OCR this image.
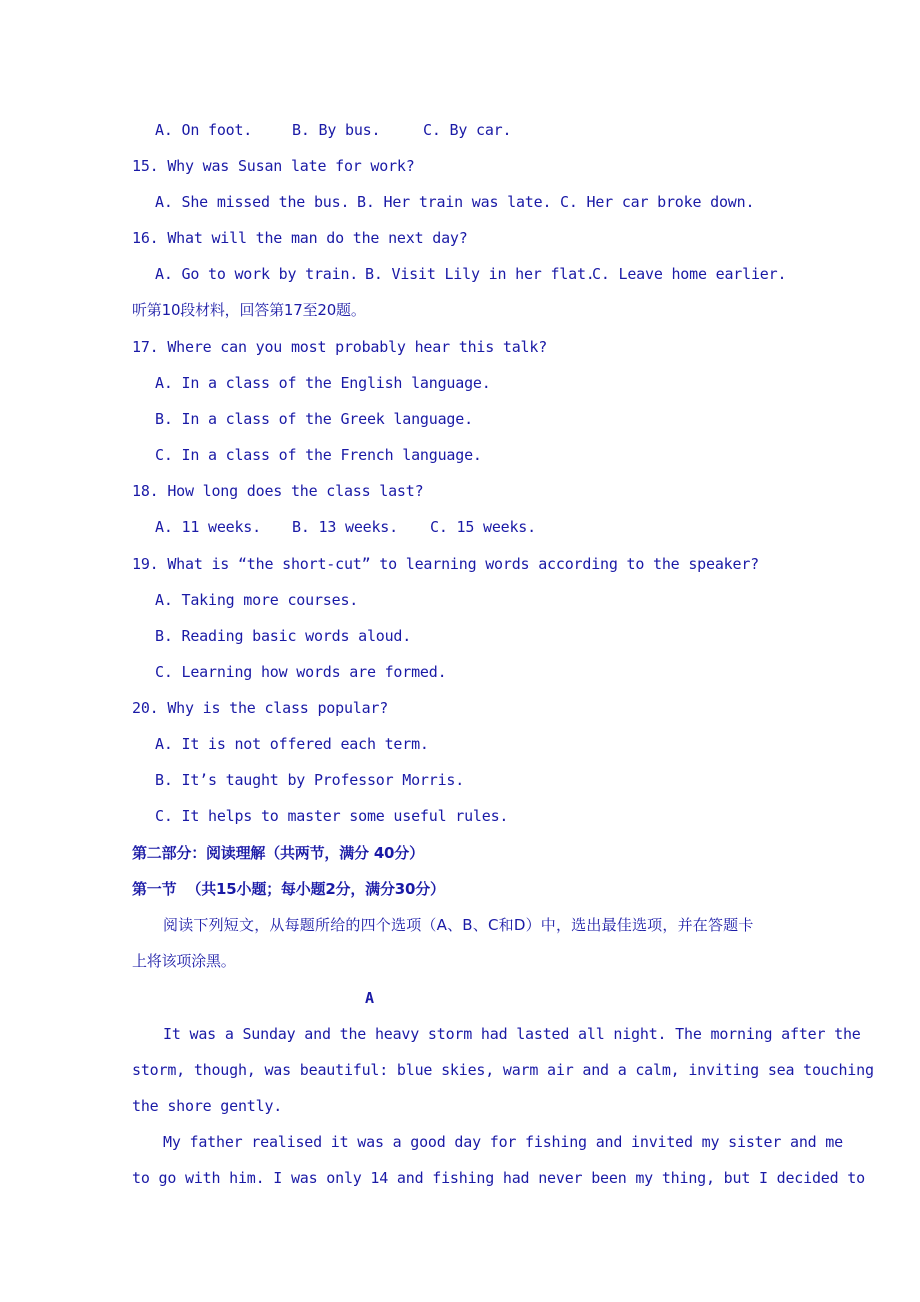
A. On foot.	B. By bus.	C. By car.
15. Why was Susan late for work?
A. She missed the bus. B. Her train was late. C. Her car broke down.
16. What will the man do the next day?
A. Go to work by train. B. Visit Lily in her flat.
C. Leave home earlier.
听第10段材料，回答第17至20题。
17. Where can you most probably hear this talk?
A. In a class of the English language.
B. In a class of the Greek language.
C. In a class of the French language.
18. How long does the class last?
A. 11 weeks. B. 13 weeks. C. 15 weeks.
19. What is “the short-cut” to learning words according to the speaker?
A. Taking more courses.
B. Reading basic words aloud.
C. Learning how words are formed.
20. Why is the class popular?
A. It is not offered each term.
B. It’s taught by Professor Morris.
C. It helps to master some useful rules.
第二部分：阅读理解（共两节，满分 40分）
第一节  （共15小题；每小题2分，满分30分）
阅读下列短文，从每题所给的四个选项（A、B、C和D）中，选出最佳选项，并在答题卡
上将该项涂黑。
A
It was a Sunday and the heavy storm had lasted all night. The morning after the
storm, though, was beautiful: blue skies, warm air and a calm, inviting sea touching
the shore gently.
My father realised it was a good day for fishing and invited my sister and me
to go with him. I was only 14 and fishing had never been my thing, but I decided to
